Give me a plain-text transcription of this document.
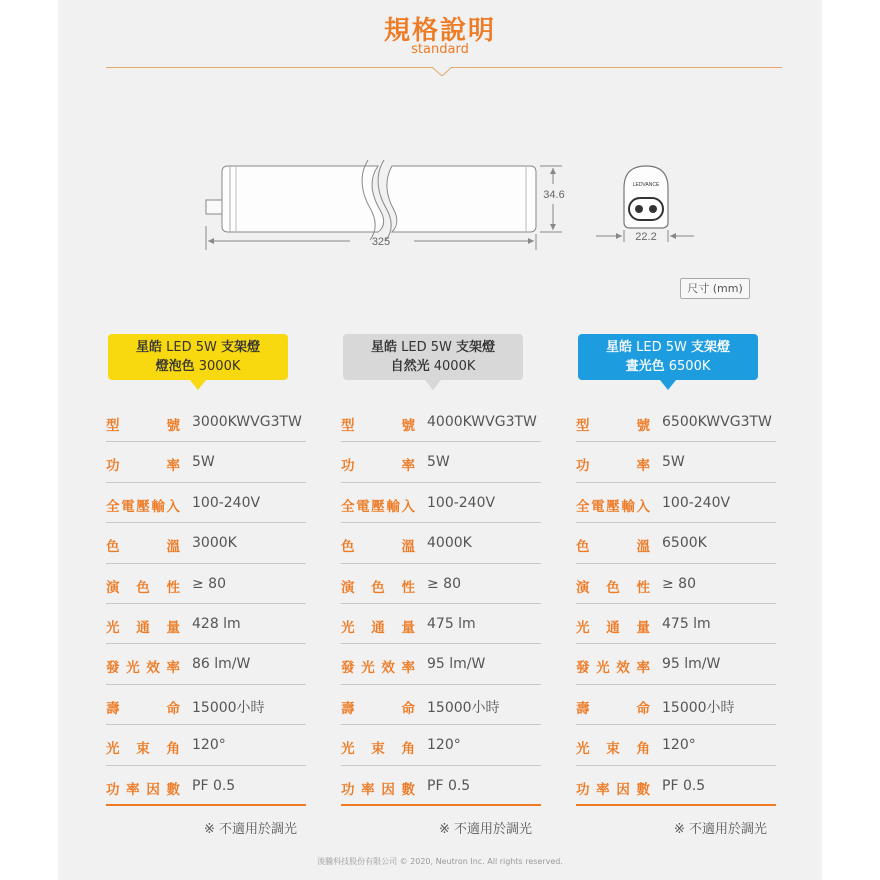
規格說明
standard
325
34.6
LEDVANCE
22.2
尺寸 (mm)
星皓 LED 5W 支架燈
燈泡色 3000K
型	號 3000KWVG3TW
功	率 5W
全 電 壓 輸 入 100-240V
色	溫 3000K
演 色 性 ≥ 80
光 通 量 428 lm
發 光 效 率 86 lm/W
壽	命 15000小時
光 束 角 120°
功 率 因 數 PF 0.5
※ 不適用於調光
星皓 LED 5W 支架燈
自然光 4000K
型	號 4000KWVG3TW
功	率 5W
全 電 壓 輸 入 100-240V
色	溫 4000K
演 色 性 ≥ 80
光 通 量 475 lm
發 光 效 率 95 lm/W
壽	命 15000小時
光 束 角 120°
功 率 因 數 PF 0.5
※ 不適用於調光
星皓 LED 5W 支架燈
晝光色 6500K
型	號 6500KWVG3TW
功	率 5W
全 電 壓 輸 入 100-240V
色	溫 6500K
演 色 性 ≥ 80
光 通 量 475 lm
發 光 效 率 95 lm/W
壽	命 15000小時
光 束 角 120°
功 率 因 數 PF 0.5
※ 不適用於調光
浚騰科技股份有限公司 © 2020, Neutron Inc. All rights reserved.
